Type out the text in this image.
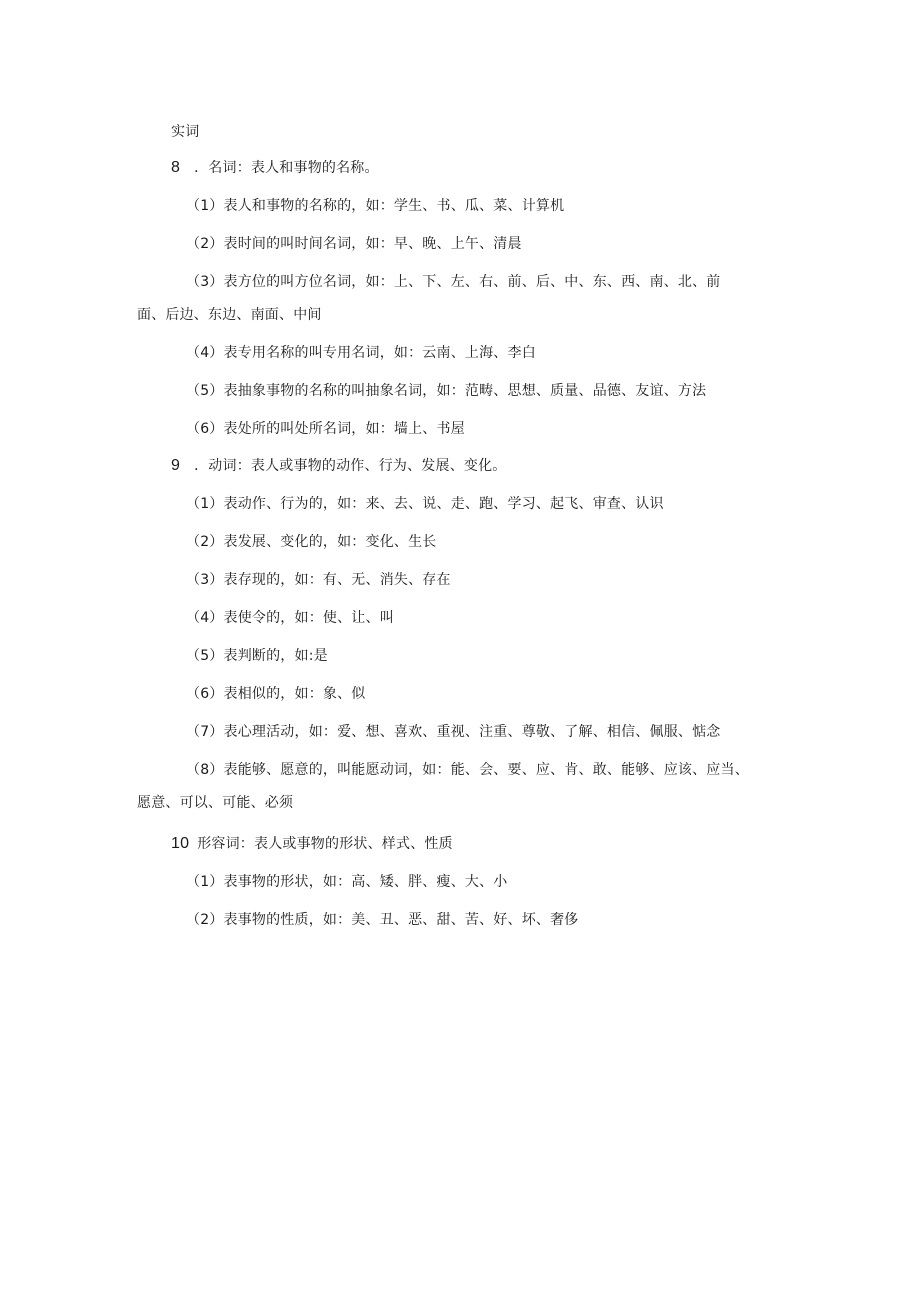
实词
8 ．名词：表人和事物的名称。
（1）表人和事物的名称的，如：学生、书、瓜、菜、计算机
（2）表时间的叫时间名词，如：早、晚、上午、清晨
（3）表方位的叫方位名词，如：上、下、左、右、前、后、中、东、西、南、北、前
面、后边、东边、南面、中间
（4）表专用名称的叫专用名词，如：云南、上海、李白
（5）表抽象事物的名称的叫抽象名词，如：范畴、思想、质量、品德、友谊、方法
（6）表处所的叫处所名词，如：墙上、书屋
9 ．动词：表人或事物的动作、行为、发展、变化。
（1）表动作、行为的，如：来、去、说、走、跑、学习、起飞、审查、认识
（2）表发展、变化的，如：变化、生长
（3）表存现的，如：有、无、消失、存在
（4）表使令的，如：使、让、叫
（5）表判断的，如:是
（6）表相似的，如：象、似
（7）表心理活动，如：爱、想、喜欢、重视、注重、尊敬、了解、相信、佩服、惦念
（8）表能够、愿意的，叫能愿动词，如：能、会、要、应、肯、敢、能够、应该、应当、
愿意、可以、可能、必须
10 形容词：表人或事物的形状、样式、性质
（1）表事物的形状，如：高、矮、胖、瘦、大、小
（2）表事物的性质，如：美、丑、恶、甜、苦、好、坏、奢侈
